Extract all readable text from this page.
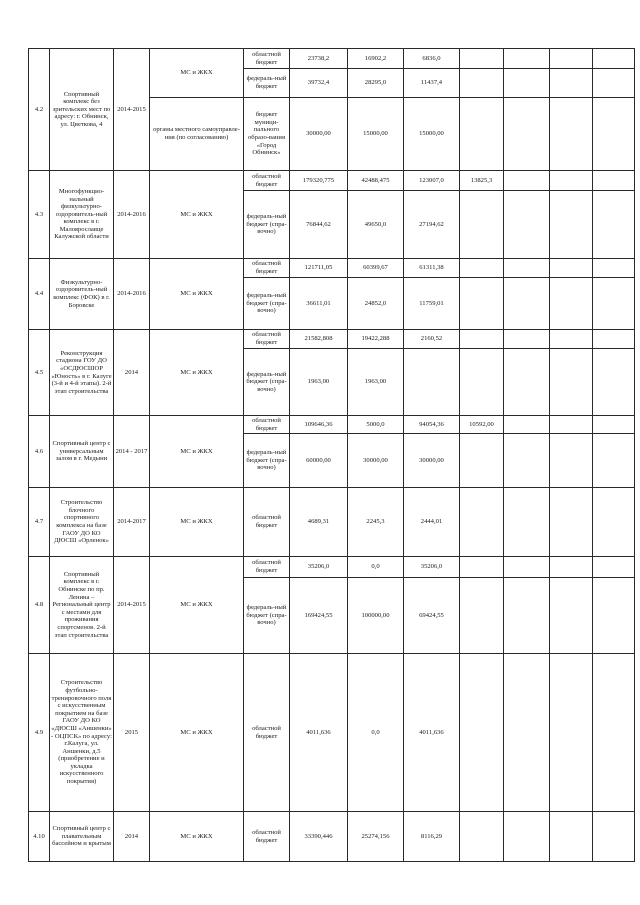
4.2	Спортивный комплекс без зрительских мест по адресу: г. Обнинск, ул. Цветкова, 4	2014-2015	МС и ЖКХ	областной бюджет	23738,2	16902,2	6836,0				
				федераль-ный бюджет	39732,4	28295,0	11437,4				
			органы местного самоуправле-ния (по согласованию)	бюджет муници-пального образо-вания «Город Обнинск»	30000,00	15000,00	15000,00				
4.3	Многофункцио-нальный физкультурно-оздоровитель-ный комплекс в г. Малоярославце Калужской области	2014-2016	МС и ЖКХ	областной бюджет	179320,775	42488,475	123007,0	13825,3			
				федераль-ный бюджет (спра-вочно)	76844,62	49650,0	27194,62				
4.4	Физкультурно-оздоровитель-ный комплекс (ФОК) в г. Боровске	2014-2016	МС и ЖКХ	областной бюджет	121711,05	60399,67	61311,38				
				федераль-ный бюджет (спра-вочно)	36611,01	24852,0	11759,01				
4.5	Реконструкция стадиона ГОУ ДО «ОСДЮСШОР «Юность» в г. Калуге (3-й и 4-й этапы). 2-й этап строительства	2014	МС и ЖКХ	областной бюджет	21582,808	19422,288	2160,52				
				федераль-ный бюджет (спра-вочно)	1963,00	1963,00					
4.6	Спортивный центр с универсальным залом в г. Медыни	2014 - 2017	МС и ЖКХ	областной бюджет	109646,36	5000,0	94054,36	10592,00			
				федераль-ный бюджет (спра-вочно)	60000,00	30000,00	30000,00				
4.7	Строительство блочного спортивного комплекса на базе ГАОУ ДО КО ДЮСШ «Орленок»	2014-2017	МС и ЖКХ	областной бюджет	4689,31	2245,3	2444,01				
4.8	Спортивный комплекс в г. Обнинске по пр. Ленина – Региональный центр с местами для проживания спортсменов. 2-й этап строительства	2014-2015	МС и ЖКХ	областной бюджет	35206,0	0,0	35206,0				
				федераль-ный бюджет (спра-вочно)	169424,55	100000,00	69424,55				
4.9	Строительство футбольно-тренировочного поля с искусственным покрытием на базе ГАОУ ДО КО «ДЮСШ «Аншенки» - ОЦПСК» по адресу: г.Калуга, ул. Аншенки, д.5 (приобретение и укладка искусственного покрытия)	2015	МС и ЖКХ	областной бюджет	4011,636	0,0	4011,636				
4.10	Спортивный центр с плавательным бассейном и крытым	2014	МС и ЖКХ	областной бюджет	33390,446	25274,156	8116,29				
